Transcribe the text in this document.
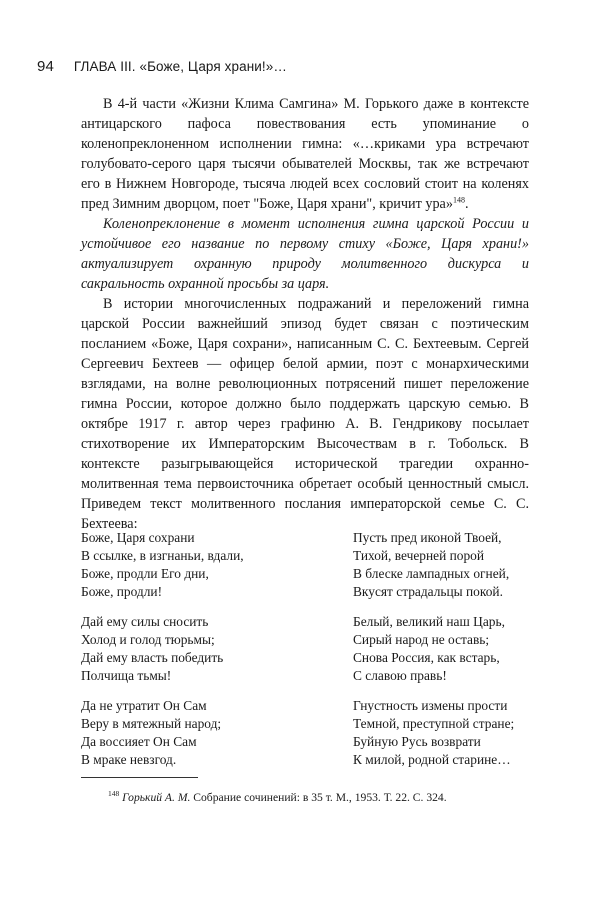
94 ГЛАВА III. «Боже, Царя храни!»…

В 4-й части «Жизни Клима Самгина» М. Горького даже в контексте антицарского пафоса повествования есть упоминание о коленопреклоненном исполнении гимна: «…криками ура встречают голубовато-серого царя тысячи обывателей Москвы, так же встречают его в Нижнем Новгороде, тысяча людей всех сословий стоит на коленях пред Зимним дворцом, поет "Боже, Царя храни", кричит ура»$^{148}$.

Коленопреклонение в момент исполнения гимна царской России и устойчивое его название по первому стиху «Боже, Царя храни!» актуализирует охранную природу молитвенного дискурса и сакральность охранной просьбы за царя.

В истории многочисленных подражаний и переложений гимна царской России важнейший эпизод будет связан с поэтическим посланием «Боже, Царя сохрани», написанным С. С. Бехтеевым. Сергей Сергеевич Бехтеев — офицер белой армии, поэт с монархическими взглядами, на волне революционных потрясений пишет переложение гимна России, которое должно было поддержать царскую семью. В октябре 1917 г. автор через графиню А. В. Гендрикову посылает стихотворение их Императорским Высочествам в г. Тобольск. В контексте разыгрывающейся исторической трагедии охранно-молитвенная тема первоисточника обретает особый ценностный смысл. Приведем текст молитвенного послания императорской семье С. С. Бехтеева:

Боже, Царя сохрани
В ссылке, в изгнаньи, вдали,
Боже, продли Его дни,
Боже, продли!
Пусть пред иконой Твоей,
Тихой, вечерней порой
В блеске лампадных огней,
Вкусят страдальцы покой.
Дай ему силы сносить
Холод и голод тюрьмы;
Дай ему власть победить
Полчища тьмы!
Белый, великий наш Царь,
Сирый народ не оставь;
Снова Россия, как встарь,
С славою правь!
Да не утратит Он Сам
Веру в мятежный народ;
Да воссияет Он Сам
В мраке невзгод.
Гнустность измены прости
Темной, преступной стране;
Буйную Русь возврати
К милой, родной старине…
$^{148}$ Горький А. М. Собрание сочинений: в 35 т. М., 1953. Т. 22. С. 324.
